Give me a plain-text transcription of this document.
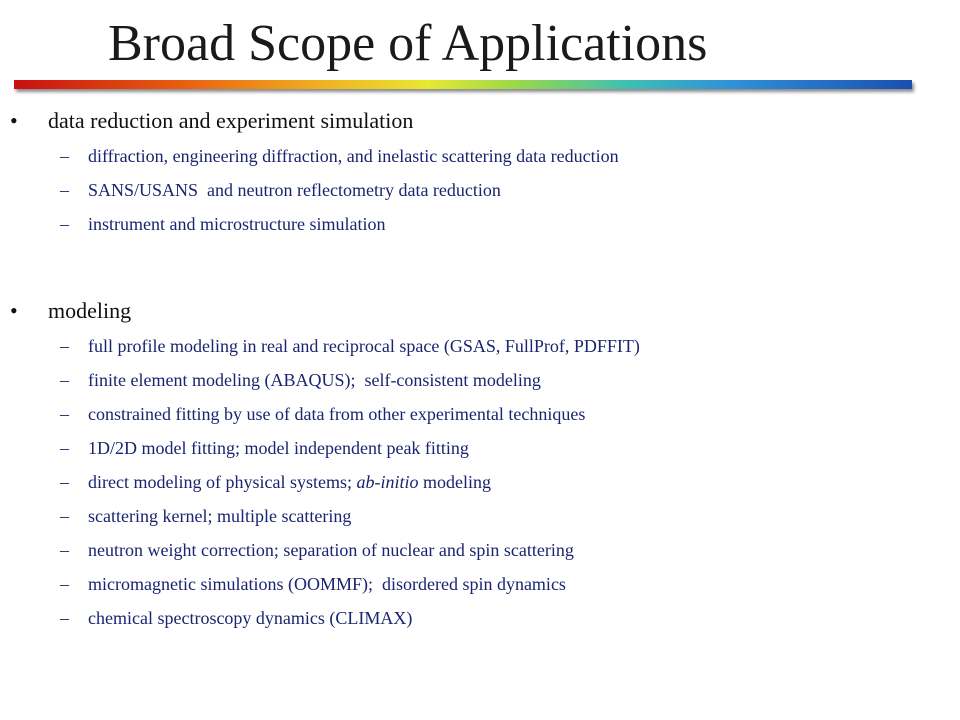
Broad Scope of Applications
• data reduction and experiment simulation
– diffraction, engineering diffraction, and inelastic scattering data reduction
– SANS/USANS  and neutron reflectometry data reduction
– instrument and microstructure simulation
• modeling
– full profile modeling in real and reciprocal space (GSAS, FullProf, PDFFIT)
– finite element modeling (ABAQUS);  self-consistent modeling
– constrained fitting by use of data from other experimental techniques
– 1D/2D model fitting; model independent peak fitting
– direct modeling of physical systems; ab-initio modeling
– scattering kernel; multiple scattering
– neutron weight correction; separation of nuclear and spin scattering
– micromagnetic simulations (OOMMF);  disordered spin dynamics
– chemical spectroscopy dynamics (CLIMAX)
